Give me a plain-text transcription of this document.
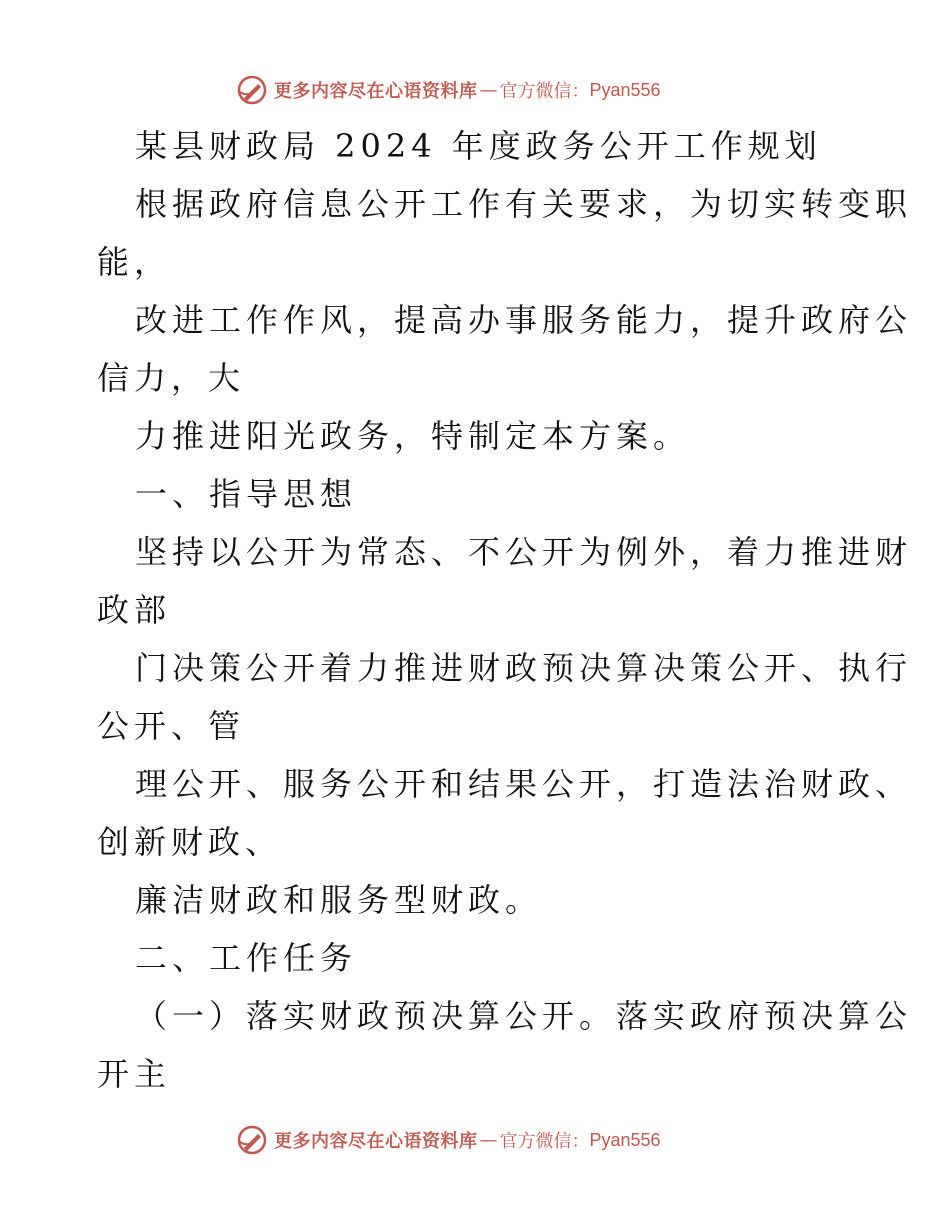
更多内容尽在心语资料库 — 官方微信： Pyan556
某县财政局 2024 年度政务公开工作规划
根据政府信息公开工作有关要求，为切实转变职
能，
改进工作作风，提高办事服务能力，提升政府公
信力，大
力推进阳光政务，特制定本方案。
一、指导思想
坚持以公开为常态、不公开为例外，着力推进财
政部
门决策公开着力推进财政预决算决策公开、执行
公开、管
理公开、服务公开和结果公开，打造法治财政、
创新财政、
廉洁财政和服务型财政。
二、工作任务
（一）落实财政预决算公开。落实政府预决算公
开主
更多内容尽在心语资料库 — 官方微信： Pyan556
